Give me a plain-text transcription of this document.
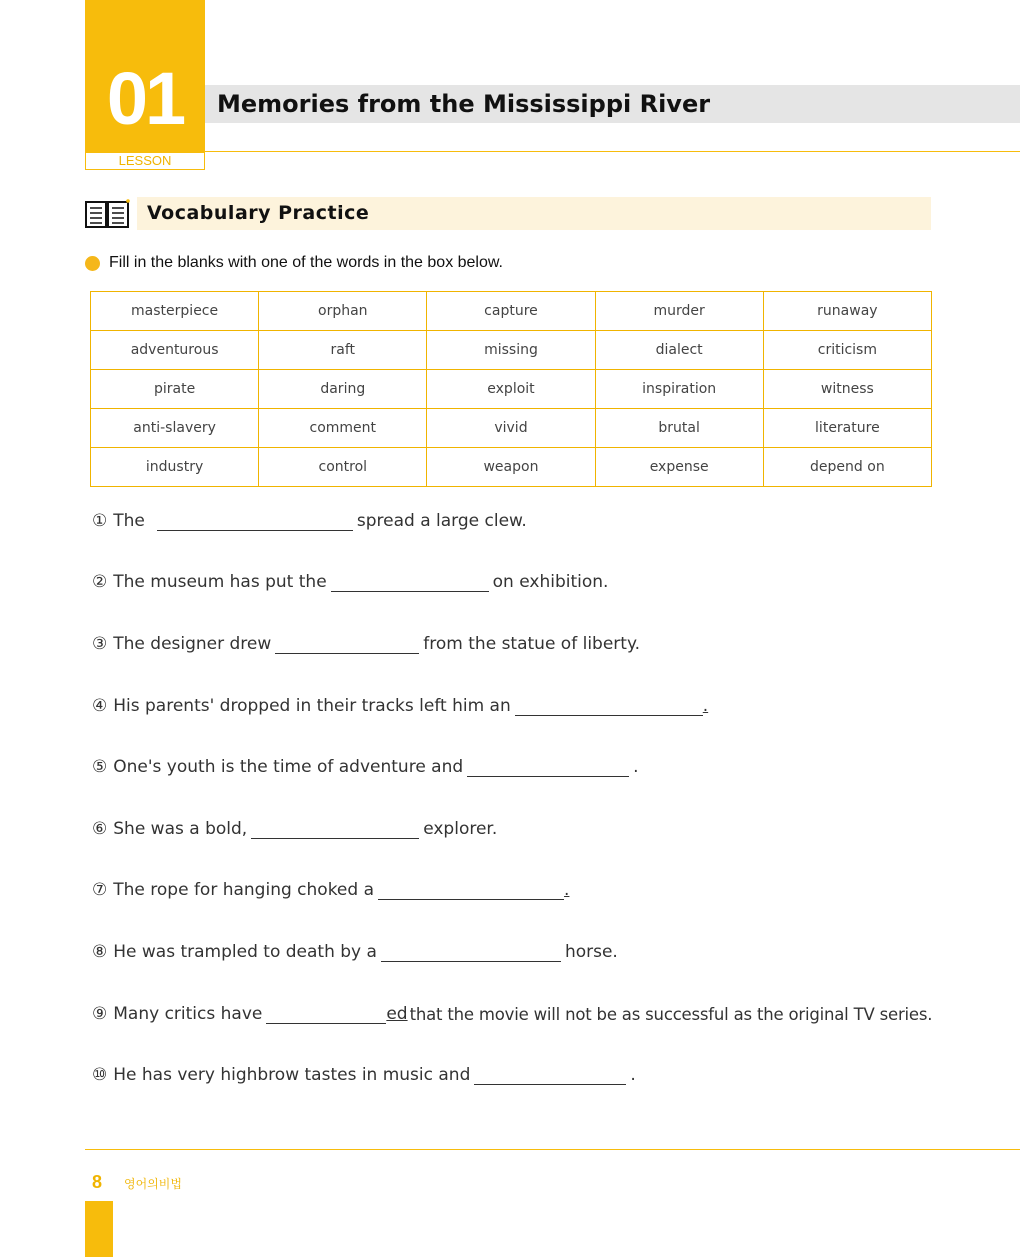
01
LESSON
Memories from the Mississippi River
Vocabulary Practice
Fill in the blanks with one of the words in the box below.
masterpiece	orphan	capture	murder	runaway
adventurous	raft	missing	dialect	criticism
pirate	daring	exploit	inspiration	witness
anti-slavery	comment	vivid	brutal	literature
industry	control	weapon	expense	depend on
① The	spread a large clew.
② The museum has put the	on exhibition.
③ The designer drew	from the statue of liberty.
④ His parents' dropped in their tracks left him an	.
⑤ One's youth is the time of adventure and	.
⑥ She was a bold,	explorer.
⑦ The rope for hanging choked a	.
⑧ He was trampled to death by a	horse.
⑨ Many critics have	ed that the movie will not be as successful as the original TV series.
⑩ He has very highbrow tastes in music and	.
8 영어의비법
